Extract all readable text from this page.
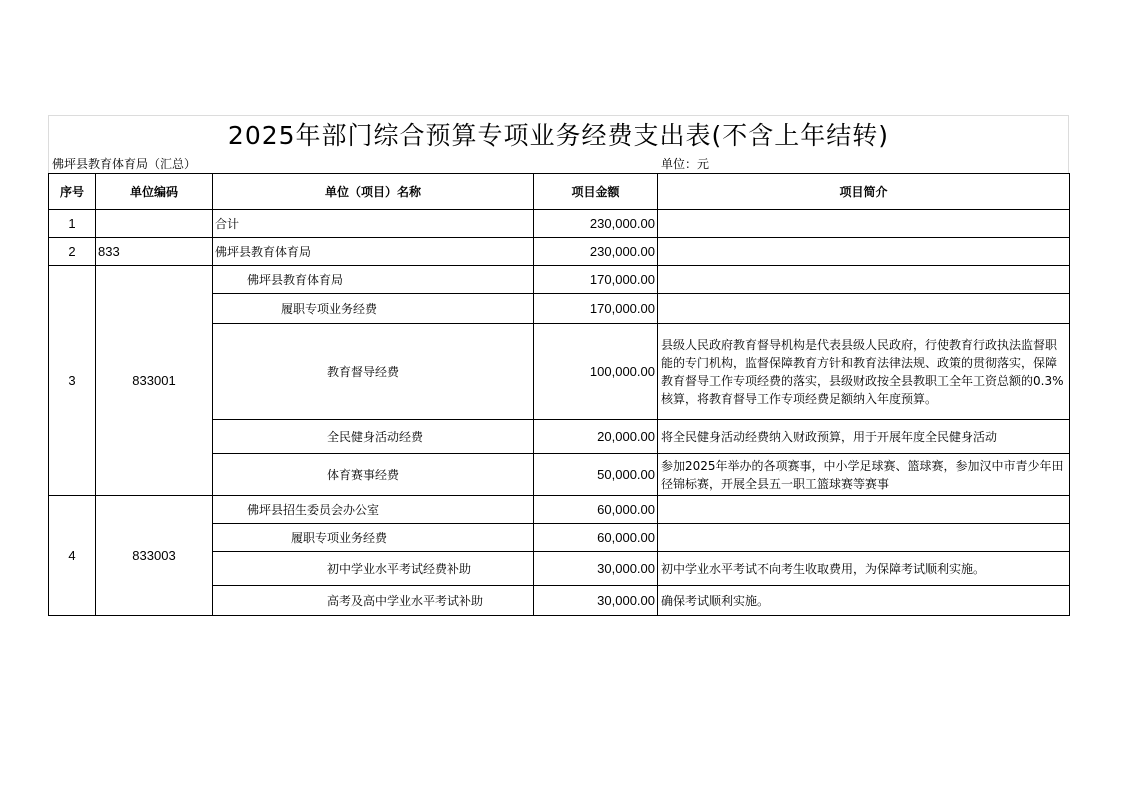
2025年部门综合预算专项业务经费支出表(不含上年结转)
佛坪县教育体育局（汇总）	单位：元
序号	单位编码	单位（项目）名称	项目金额	项目简介
1		合计	230,000.00	
2	833	佛坪县教育体育局	230,000.00	
3	833001	佛坪县教育体育局	170,000.00	
		履职专项业务经费	170,000.00	
		教育督导经费	100,000.00	县级人民政府教育督导机构是代表县级人民政府，行使教育行政执法监督职能的专门机构，监督保障教育方针和教育法律法规、政策的贯彻落实，保障教育督导工作专项经费的落实，县级财政按全县教职工全年工资总额的0.3%核算，将教育督导工作专项经费足额纳入年度预算。
		全民健身活动经费	20,000.00	将全民健身活动经费纳入财政预算，用于开展年度全民健身活动
		体育赛事经费	50,000.00	参加2025年举办的各项赛事，中小学足球赛、篮球赛，参加汉中市青少年田径锦标赛，开展全县五一职工篮球赛等赛事
4	833003	佛坪县招生委员会办公室	60,000.00	
		履职专项业务经费	60,000.00	
		初中学业水平考试经费补助	30,000.00	初中学业水平考试不向考生收取费用，为保障考试顺利实施。
		高考及高中学业水平考试补助	30,000.00	确保考试顺利实施。
